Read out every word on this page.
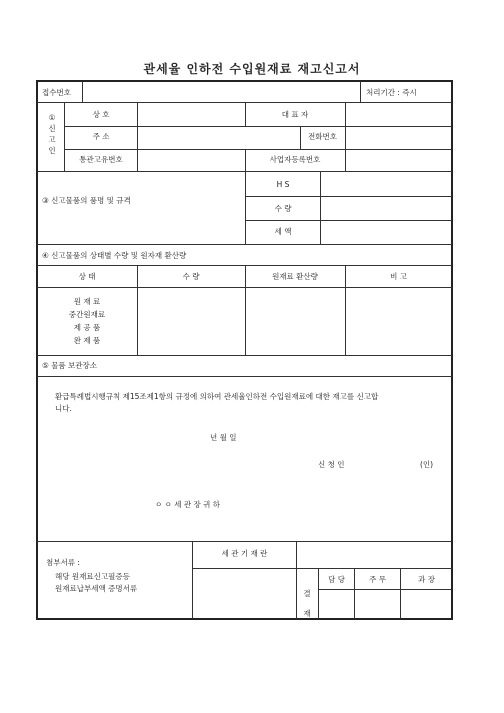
관세율 인하전 수입원재료 재고신고서
접수번호	처리기간 : 즉시
①
신
고
인
상 호	대 표 자
주 소	전화번호
통관고유번호	사업자등록번호
③ 신고물품의 품명 및 규격
H S
수 량
세 액
④ 신고물품의 상태별 수량 및 원자재 환산량
상 태	수 량	원재료 환산량	비 고
원 재 료
중간원재료
제 공 품
완 제 품
⑤ 물품 보관장소
환급특례법시행규칙 제15조제1항의 규정에 의하여 관세율인하전 수입원재료에 대한 재고를 신고합
니다.
년 월 일
신 청 인	(인)
ㅇ ㅇ 세 관 장 귀 하
첨부서류 :
해당 원재료신고필증등
원재료납부세액 증명서류
세 관 기 재 란
결
재
담 당	주 무	과 장
